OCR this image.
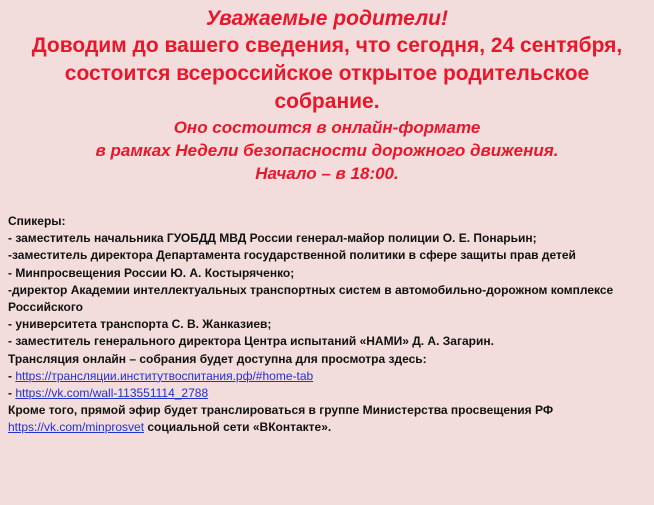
Уважаемые родители!
Доводим до вашего сведения, что сегодня, 24 сентября,
состоится всероссийское открытое родительское
собрание.
Оно состоится в онлайн-формате
в рамках Недели безопасности дорожного движения.
Начало – в 18:00.
Спикеры:
- заместитель начальника ГУОБДД МВД России генерал-майор полиции О. Е. Понарьин;
-заместитель директора Департамента государственной политики в сфере защиты прав детей
- Минпросвещения России Ю. А. Костыряченко;
-директор Академии интеллектуальных транспортных систем в автомобильно-дорожном комплексе Российского
- университета транспорта С. В. Жанказиев;
- заместитель генерального директора Центра испытаний «НАМИ» Д. А. Загарин.
Трансляция онлайн – собрания будет доступна для просмотра здесь:
- https://трансляции.институтвоспитания.рф/#home-tab
- https://vk.com/wall-113551114_2788
Кроме того, прямой эфир будет транслироваться в группе Министерства просвещения РФ
https://vk.com/minprosvet социальной сети «ВКонтакте».
